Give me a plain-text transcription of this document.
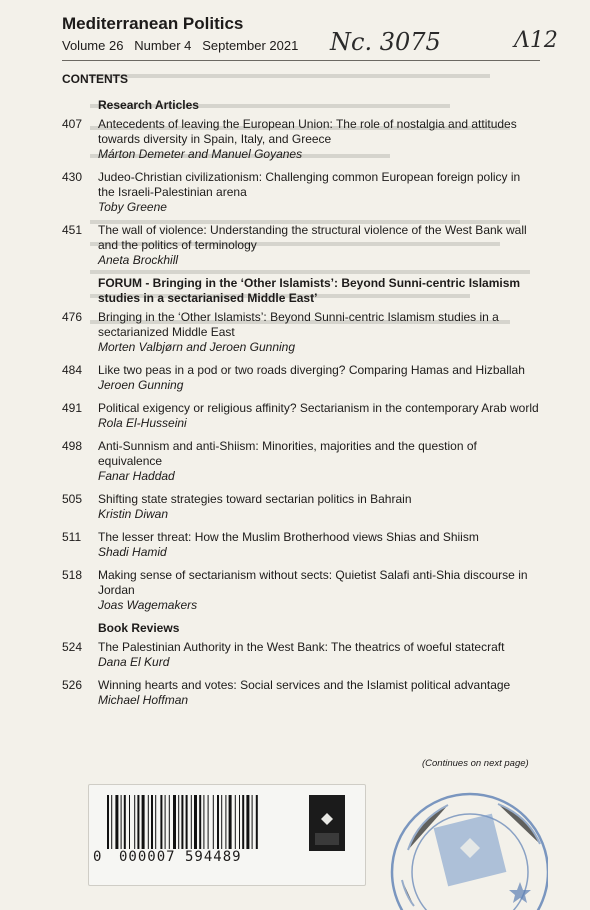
Mediterranean Politics
Volume 26 Number 4 September 2021 Nc. 3075	Λ12
CONTENTS
Research Articles
407	Antecedents of leaving the European Union: The role of nostalgia and attitudes towards diversity in Spain, Italy, and Greece
Márton Demeter and Manuel Goyanes
430	Judeo-Christian civilizationism: Challenging common European foreign policy in the Israeli-Palestinian arena
Toby Greene
451	The wall of violence: Understanding the structural violence of the West Bank wall and the politics of terminology
Aneta Brockhill
FORUM - Bringing in the ‘Other Islamists’: Beyond Sunni-centric Islamism studies in a sectarianised Middle East’
476	Bringing in the ‘Other Islamists’: Beyond Sunni-centric Islamism studies in a sectarianized Middle East
Morten Valbjørn and Jeroen Gunning
484	Like two peas in a pod or two roads diverging? Comparing Hamas and Hizballah
Jeroen Gunning
491	Political exigency or religious affinity? Sectarianism in the contemporary Arab world
Rola El-Husseini
498	Anti-Sunnism and anti-Shiism: Minorities, majorities and the question of equivalence
Fanar Haddad
505	Shifting state strategies toward sectarian politics in Bahrain
Kristin Diwan
511	The lesser threat: How the Muslim Brotherhood views Shias and Shiism
Shadi Hamid
518	Making sense of sectarianism without sects: Quietist Salafi anti-Shia discourse in Jordan
Joas Wagemakers
Book Reviews
524	The Palestinian Authority in the West Bank: The theatrics of woeful statecraft
Dana El Kurd
526	Winning hearts and votes: Social services and the Islamist political advantage
Michael Hoffman
(Continues on next page)
0 000007 594489
